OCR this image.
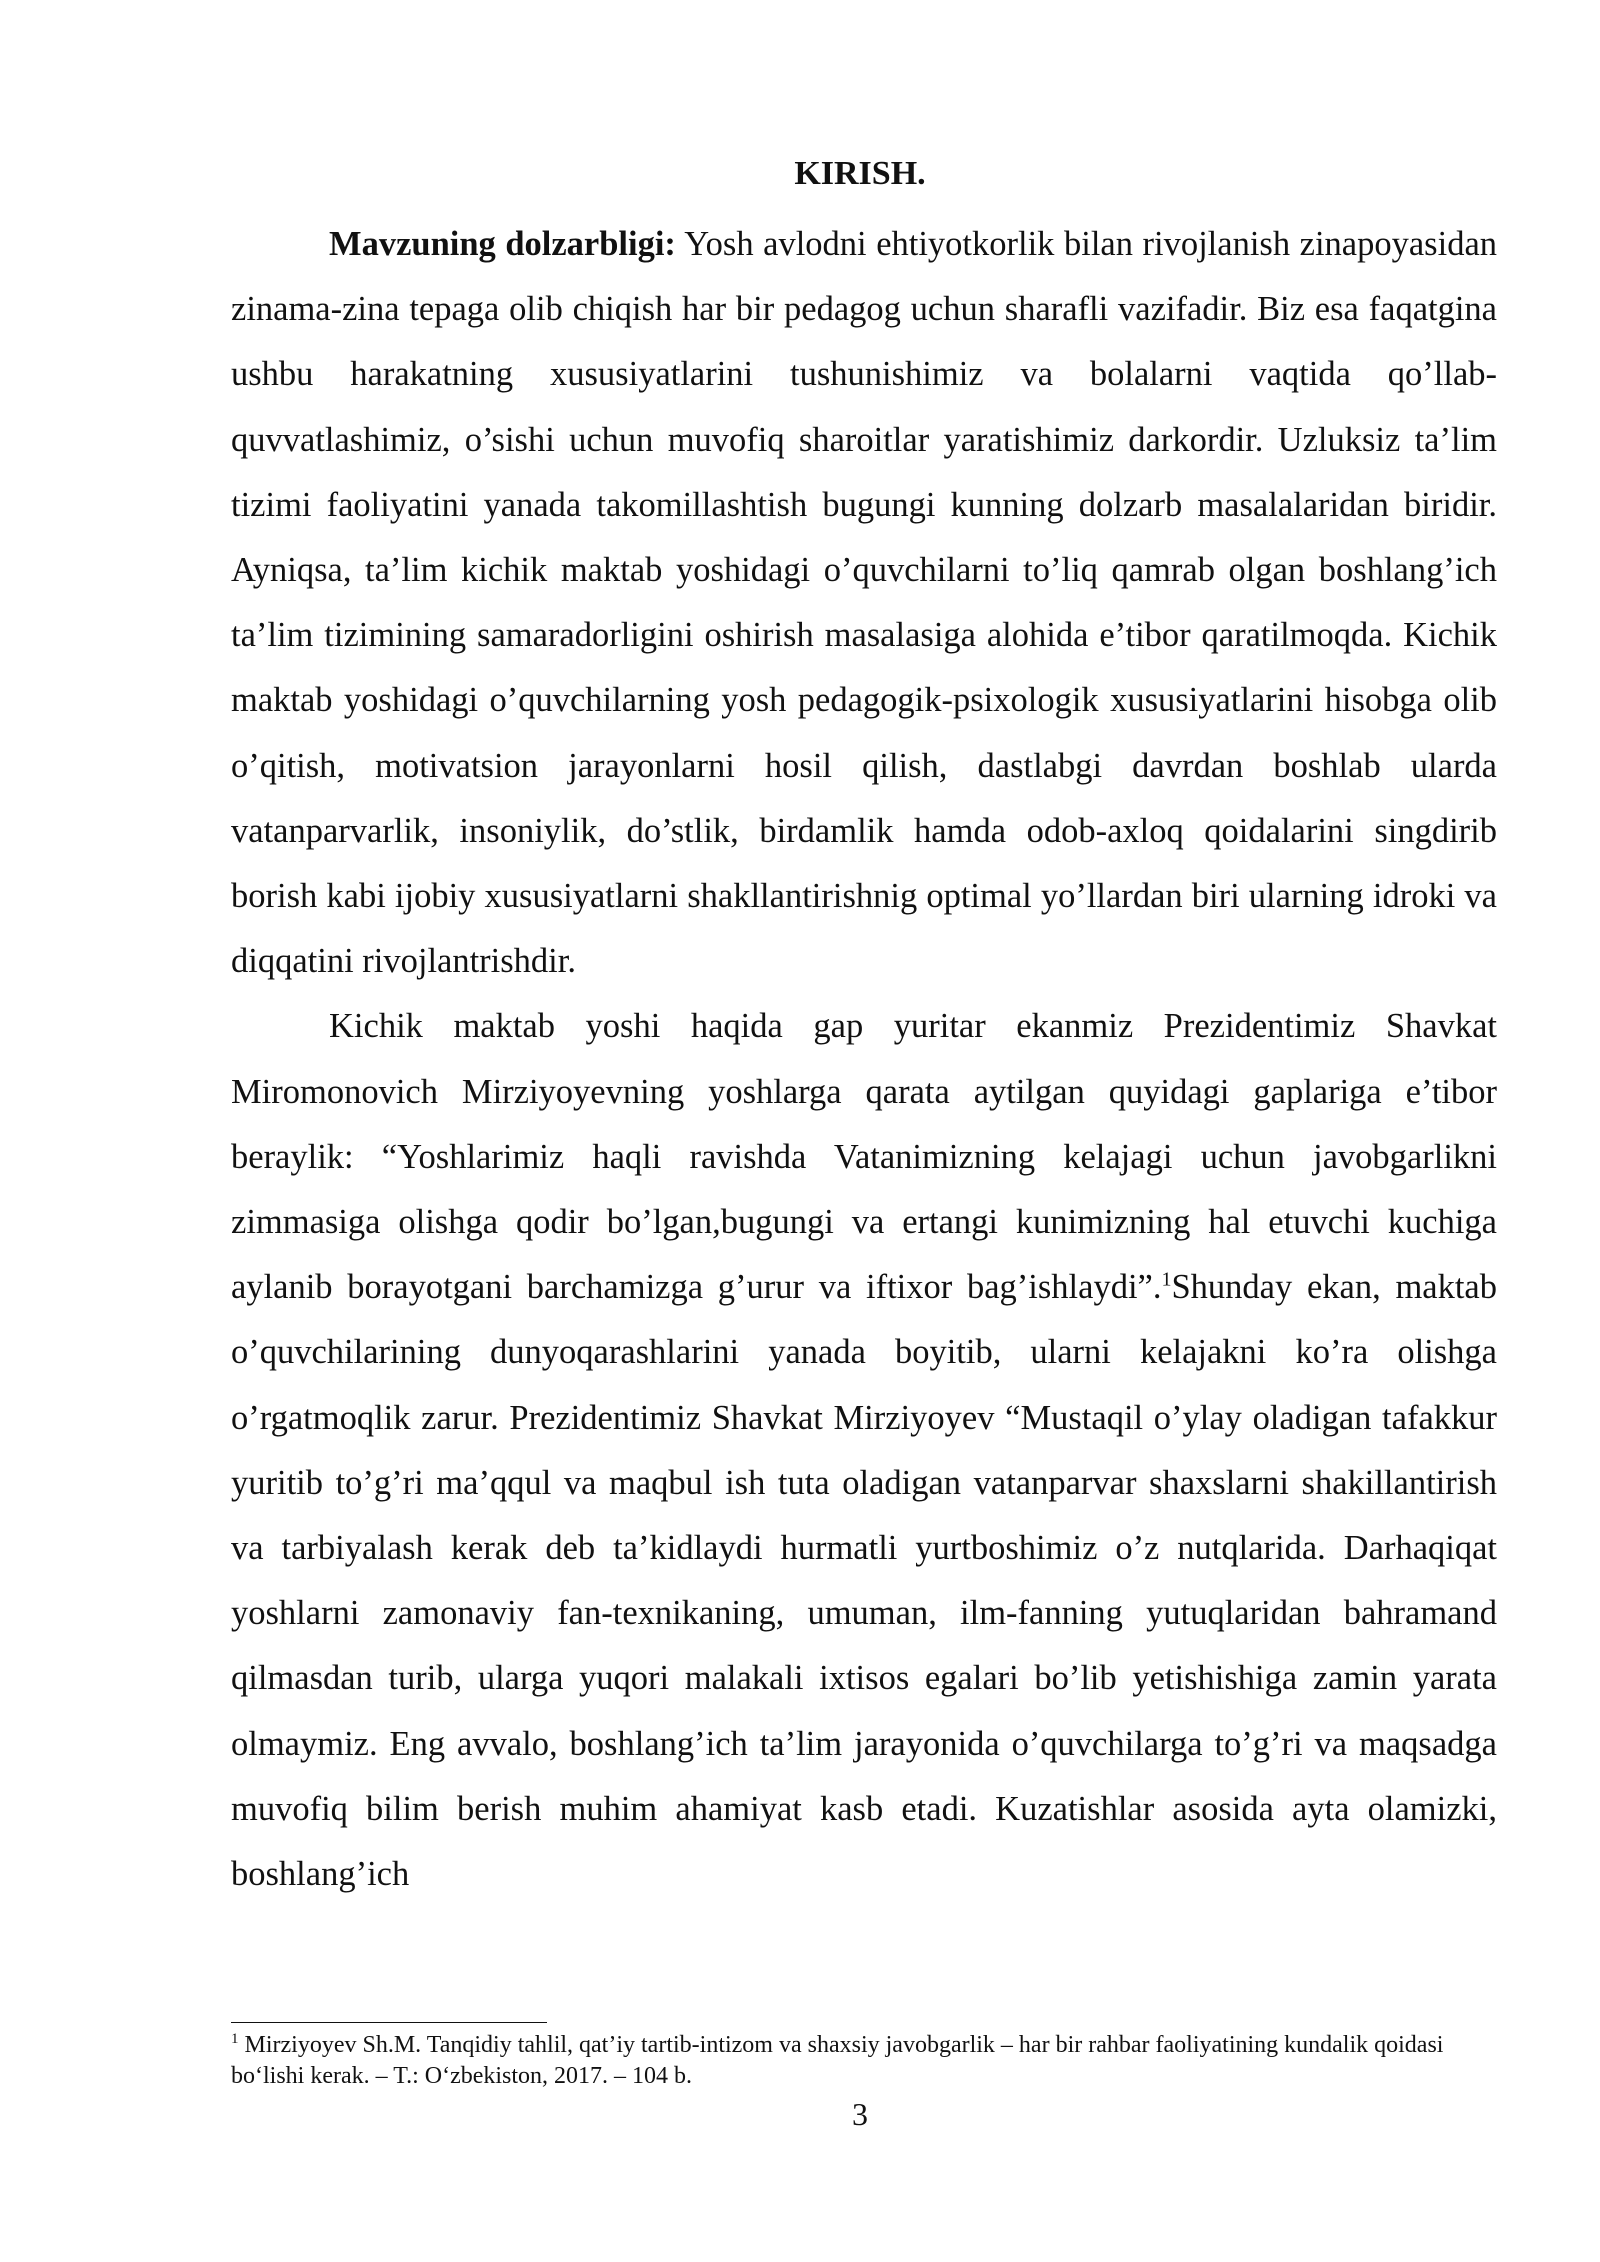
KIRISH.

Mavzuning dolzarbligi: Yosh avlodni ehtiyotkorlik bilan rivojlanish zinapoyasidan zinama-zina tepaga olib chiqish har bir pedagog uchun sharafli vazifadir. Biz esa faqatgina ushbu harakatning xususiyatlarini tushunishimiz va bolalarni vaqtida qo’llab-quvvatlashimiz, o’sishi uchun muvofiq sharoitlar yaratishimiz darkordir. Uzluksiz ta’lim tizimi faoliyatini yanada takomillashtish bugungi kunning dolzarb masalalaridan biridir. Ayniqsa, ta’lim kichik maktab yoshidagi o’quvchilarni to’liq qamrab olgan boshlang’ich ta’lim tizimining samaradorligini oshirish masalasiga alohida e’tibor qaratilmoqda. Kichik maktab yoshidagi o’quvchilarning yosh pedagogik-psixologik xususiyatlarini hisobga olib o’qitish, motivatsion jarayonlarni hosil qilish, dastlabgi davrdan boshlab ularda vatanparvarlik, insoniylik, do’stlik, birdamlik hamda odob-axloq qoidalarini singdirib borish kabi ijobiy xususiyatlarni shakllantirishnig optimal yo’llardan biri ularning idroki va diqqatini rivojlantrishdir.

Kichik maktab yoshi haqida gap yuritar ekanmiz Prezidentimiz Shavkat Miromonovich Mirziyoyevning yoshlarga qarata aytilgan quyidagi gaplariga e’tibor beraylik: “Yoshlarimiz haqli ravishda Vatanimizning kelajagi uchun javobgarlikni zimmasiga olishga qodir bo’lgan,bugungi va ertangi kunimizning hal etuvchi kuchiga aylanib borayotgani barchamizga g’urur va iftixor bag’ishlaydi”.$^1$Shunday ekan, maktab o’quvchilarining dunyoqarashlarini yanada boyitib, ularni kelajakni ko’ra olishga o’rgatmoqlik zarur. Prezidentimiz Shavkat Mirziyoyev “Mustaqil o’ylay oladigan tafakkur yuritib to’g’ri ma’qqul va maqbul ish tuta oladigan vatanparvar shaxslarni shakillantirish va tarbiyalash kerak deb ta’kidlaydi hurmatli yurtboshimiz o’z nutqlarida. Darhaqiqat yoshlarni zamonaviy fan-texnikaning, umuman, ilm-fanning yutuqlaridan bahramand qilmasdan turib, ularga yuqori malakali ixtisos egalari bo’lib yetishishiga zamin yarata olmaymiz. Eng avvalo, boshlang’ich ta’lim jarayonida o’quvchilarga to’g’ri va maqsadga muvofiq bilim berish muhim ahamiyat kasb etadi. Kuzatishlar asosida ayta olamizki, boshlang’ich

$^1$ Mirziyoyev Sh.M. Tanqidiy tahlil, qat’iy tartib-intizom va shaxsiy javobgarlik – har bir rahbar faoliyatining kundalik qoidasi bo‘lishi kerak. – T.: O‘zbekiston, 2017. – 104 b.
3
